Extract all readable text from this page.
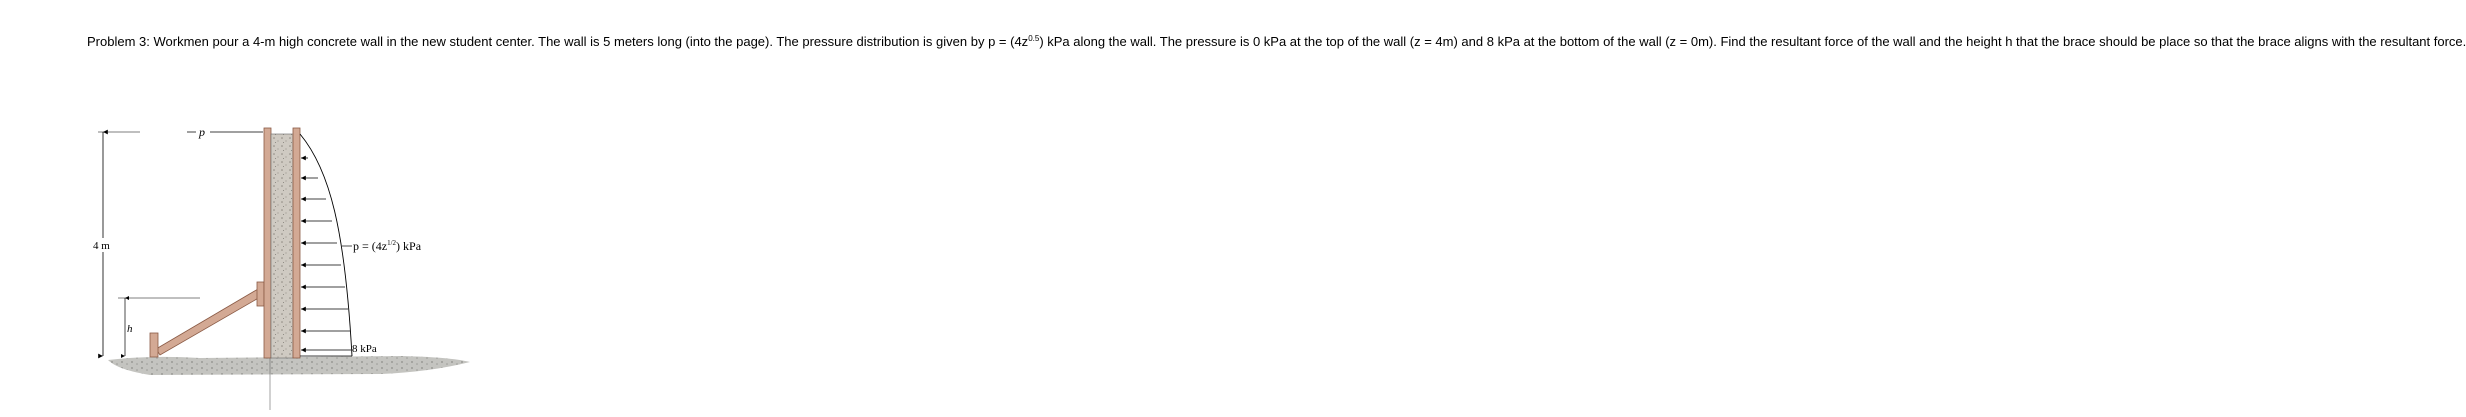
Problem 3: Workmen pour a 4-m high concrete wall in the new student center. The wall is 5 meters long (into the page). The pressure distribution is given by $p = (4z^{0.5})$ kPa along the wall. The pressure is 0 kPa at the top of the wall (z = 4m) and 8 kPa at the bottom of the wall (z = 0m). Find the resultant force of the wall and the height h that the brace should be place so that the brace aligns with the resultant force.

4 m
h
p
$p = (4z^{1/2})$ kPa
8 kPa
